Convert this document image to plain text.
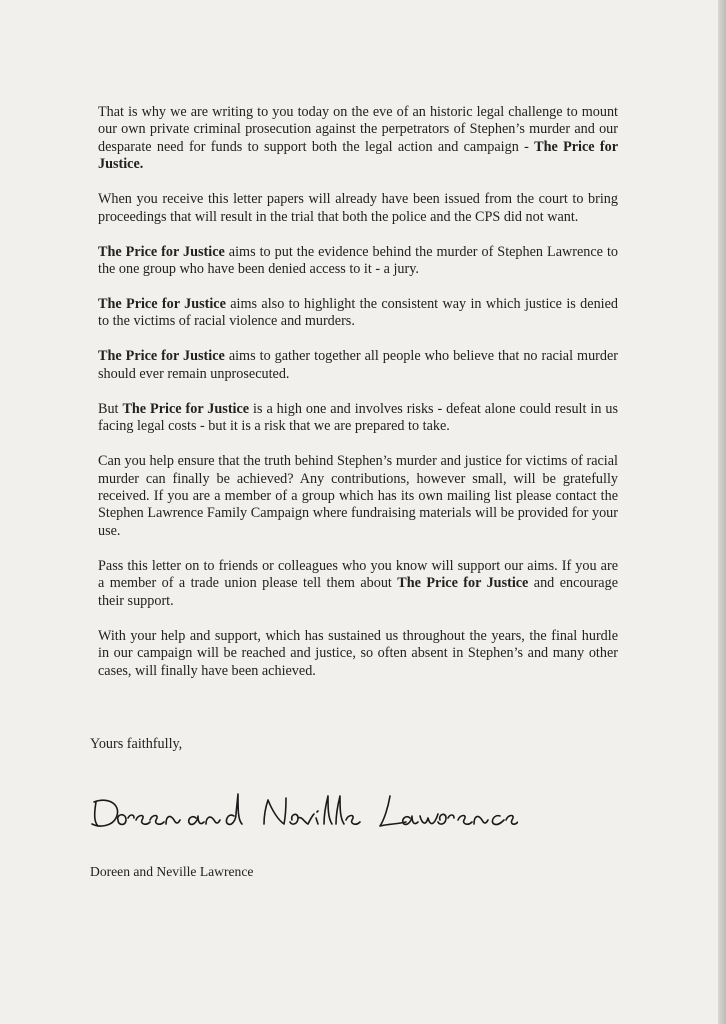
That is why we are writing to you today on the eve of an historic legal challenge to mount our own private criminal prosecution against the perpetrators of Stephen’s murder and our desparate need for funds to support both the legal action and campaign - The Price for Justice.

When you receive this letter papers will already have been issued from the court to bring proceedings that will result in the trial that both the police and the CPS did not want.

The Price for Justice aims to put the evidence behind the murder of Stephen Lawrence to the one group who have been denied access to it - a jury.

The Price for Justice aims also to highlight the consistent way in which justice is denied to the victims of racial violence and murders.

The Price for Justice aims to gather together all people who believe that no racial murder should ever remain unprosecuted.

But The Price for Justice is a high one and involves risks - defeat alone could result in us facing legal costs - but it is a risk that we are prepared to take.

Can you help ensure that the truth behind Stephen’s murder and justice for victims of racial murder can finally be achieved? Any contributions, however small, will be gratefully received. If you are a member of a group which has its own mailing list please contact the Stephen Lawrence Family Campaign where fundraising materials will be provided for your use.

Pass this letter on to friends or colleagues who you know will support our aims. If you are a member of a trade union please tell them about The Price for Justice and encourage their support.

With your help and support, which has sustained us throughout the years, the final hurdle in our campaign will be reached and justice, so often absent in Stephen’s and many other cases, will finally have been achieved.

Yours faithfully,

Doreen and Neville Lawrence
